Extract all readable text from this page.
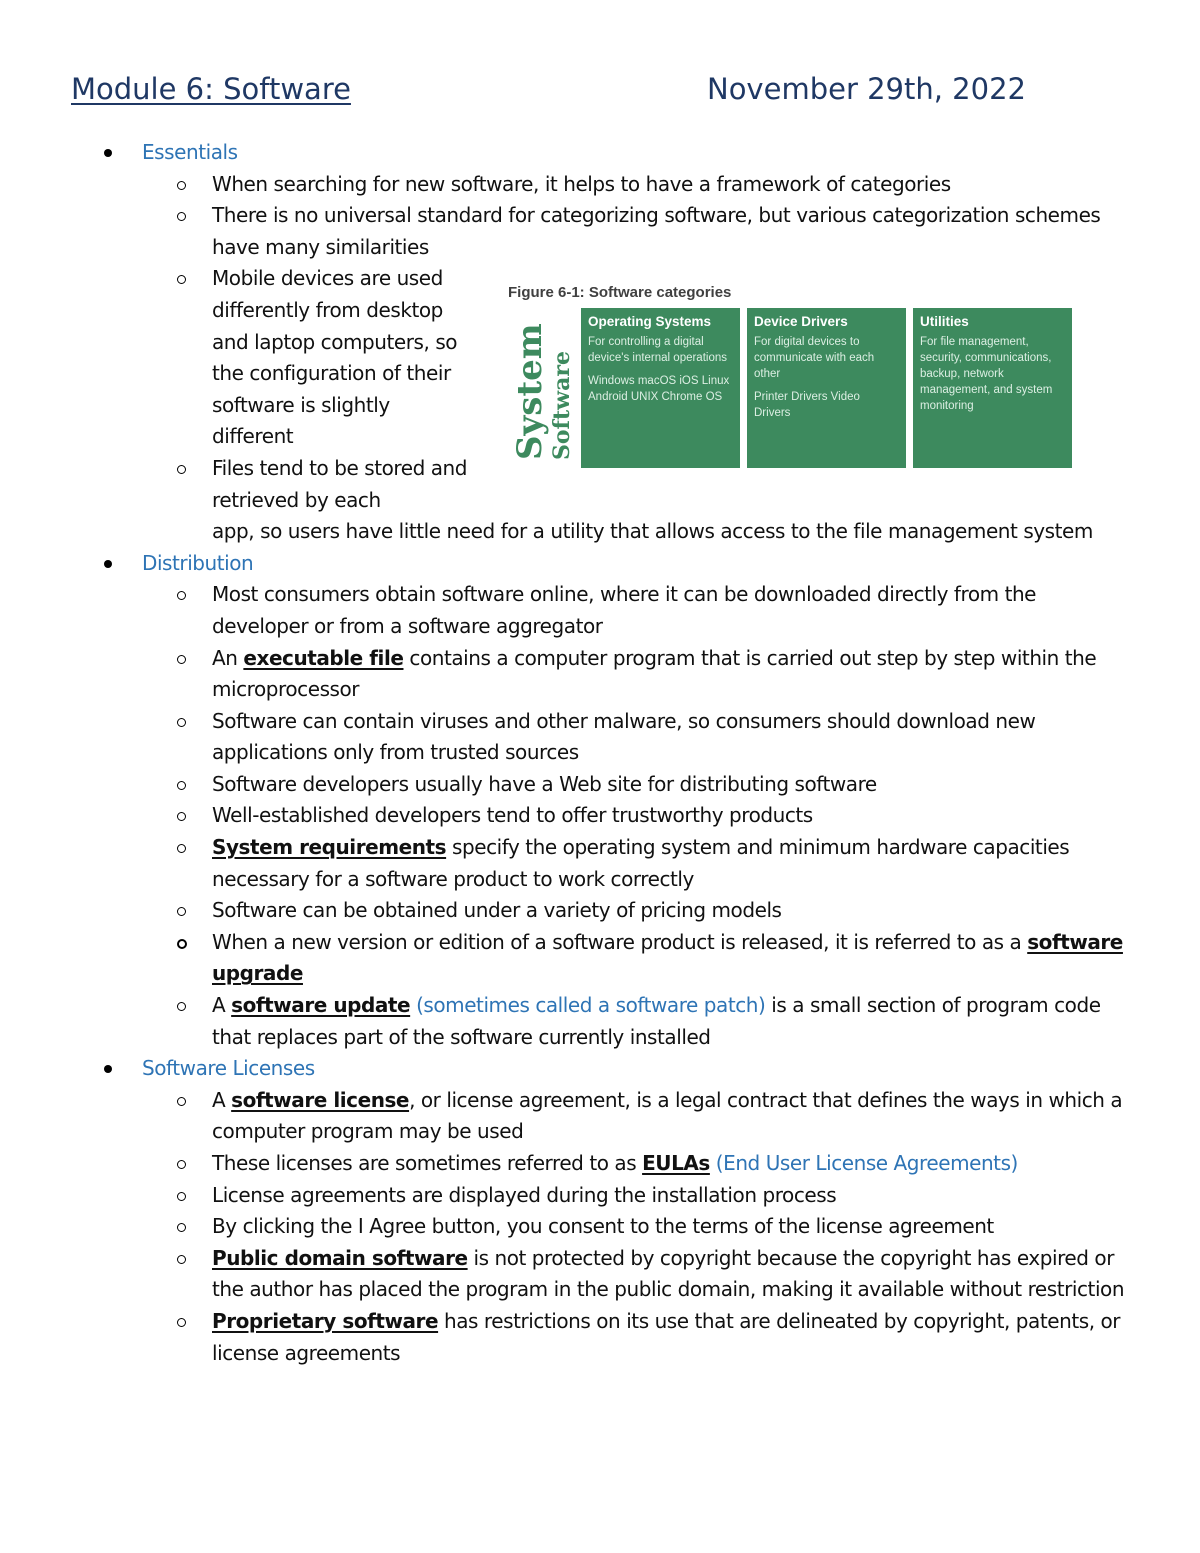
Module 6: Software	November 29th, 2022
Essentials
When searching for new software, it helps to have a framework of categories
There is no universal standard for categorizing software, but various categorization schemes have many similarities
Mobile devices are used differently from desktop and laptop computers, so the configuration of their software is slightly different
Files tend to be stored and retrieved by each
app, so users have little need for a utility that allows access to the file management system
Distribution
Most consumers obtain software online, where it can be downloaded directly from the developer or from a software aggregator
An executable file contains a computer program that is carried out step by step within the microprocessor
Software can contain viruses and other malware, so consumers should download new applications only from trusted sources
Software developers usually have a Web site for distributing software
Well-established developers tend to offer trustworthy products
System requirements specify the operating system and minimum hardware capacities necessary for a software product to work correctly
Software can be obtained under a variety of pricing models
When a new version or edition of a software product is released, it is referred to as a software upgrade
A software update (sometimes called a software patch) is a small section of program code that replaces part of the software currently installed
Software Licenses
A software license, or license agreement, is a legal contract that defines the ways in which a computer program may be used
These licenses are sometimes referred to as EULAs (End User License Agreements)
License agreements are displayed during the installation process
By clicking the I Agree button, you consent to the terms of the license agreement
Public domain software is not protected by copyright because the copyright has expired or the author has placed the program in the public domain, making it available without restriction
Proprietary software has restrictions on its use that are delineated by copyright, patents, or license agreements
Figure 6-1: Software categories
System Software
Operating Systems
For controlling a digital device's internal operations
Windows macOS iOS Linux Android UNIX Chrome OS
Device Drivers
For digital devices to communicate with each other
Printer Drivers Video Drivers
Utilities
For file management, security, communications, backup, network management, and system monitoring
